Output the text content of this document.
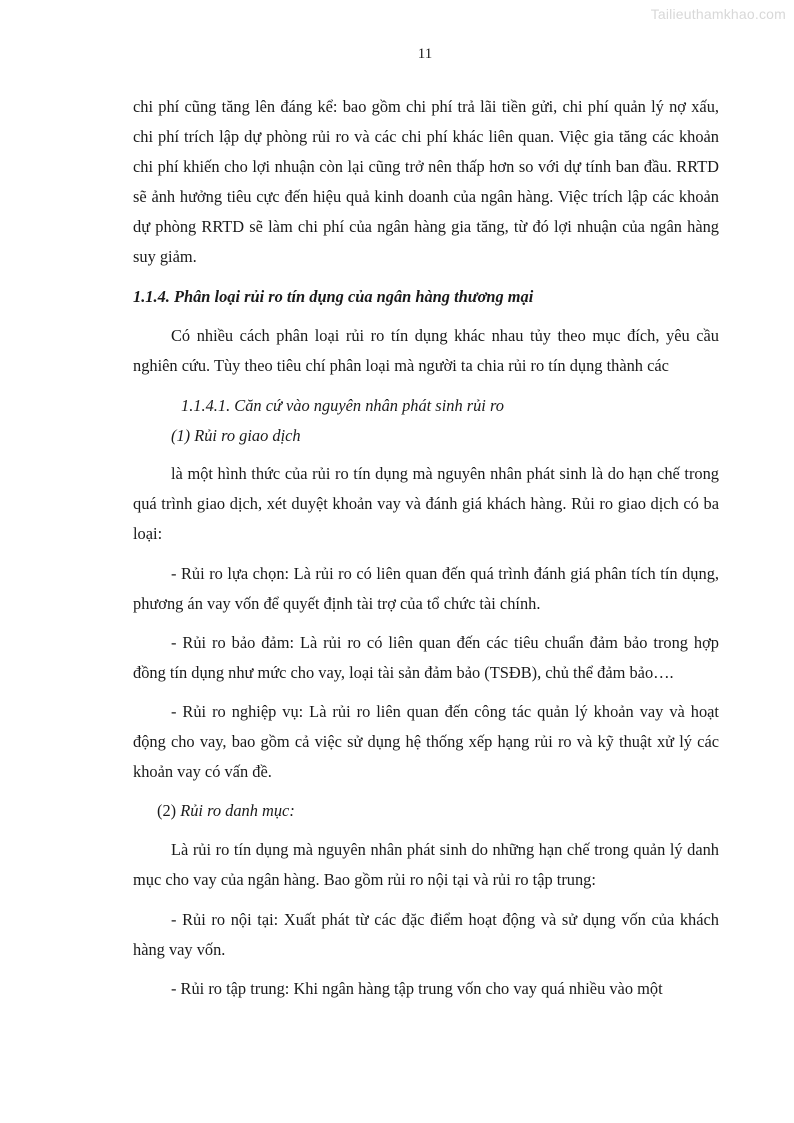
Tailieuthamkhao.com
11

chi phí cũng tăng lên đáng kể: bao gồm chi phí trả lãi tiền gửi, chi phí quản lý nợ xấu, chi phí trích lập dự phòng rủi ro và các chi phí khác liên quan. Việc gia tăng các khoản chi phí khiến cho lợi nhuận còn lại cũng trở nên thấp hơn so với dự tính ban đầu. RRTD sẽ ảnh hưởng tiêu cực đến hiệu quả kinh doanh của ngân hàng. Việc trích lập các khoản dự phòng RRTD sẽ làm chi phí của ngân hàng gia tăng, từ đó lợi nhuận của ngân hàng suy giảm.

1.1.4. Phân loại rủi ro tín dụng của ngân hàng thương mại

Có nhiều cách phân loại rủi ro tín dụng khác nhau tủy theo mục đích, yêu cầu nghiên cứu. Tùy theo tiêu chí phân loại mà người ta chia rủi ro tín dụng thành các

1.1.4.1. Căn cứ vào nguyên nhân phát sinh rủi ro

(1) Rủi ro giao dịch

là một hình thức của rủi ro tín dụng mà nguyên nhân phát sinh là do hạn chế trong quá trình giao dịch, xét duyệt khoản vay và đánh giá khách hàng. Rủi ro giao dịch có ba loại:

- Rủi ro lựa chọn: Là rủi ro có liên quan đến quá trình đánh giá phân tích tín dụng, phương án vay vốn để quyết định tài trợ của tổ chức tài chính.

- Rủi ro bảo đảm: Là rủi ro có liên quan đến các tiêu chuẩn đảm bảo trong hợp đồng tín dụng như mức cho vay, loại tài sản đảm bảo (TSĐB), chủ thể đảm bảo….

- Rủi ro nghiệp vụ: Là rủi ro liên quan đến công tác quản lý khoản vay và hoạt động cho vay, bao gồm cả việc sử dụng hệ thống xếp hạng rủi ro và kỹ thuật xử lý các khoản vay có vấn đề.

(2) Rủi ro danh mục:

Là rủi ro tín dụng mà nguyên nhân phát sinh do những hạn chế trong quản lý danh mục cho vay của ngân hàng. Bao gồm rủi ro nội tại và rủi ro tập trung:

- Rủi ro nội tại: Xuất phát từ các đặc điểm hoạt động và sử dụng vốn của khách hàng vay vốn.

- Rủi ro tập trung: Khi ngân hàng tập trung vốn cho vay quá nhiều vào một
